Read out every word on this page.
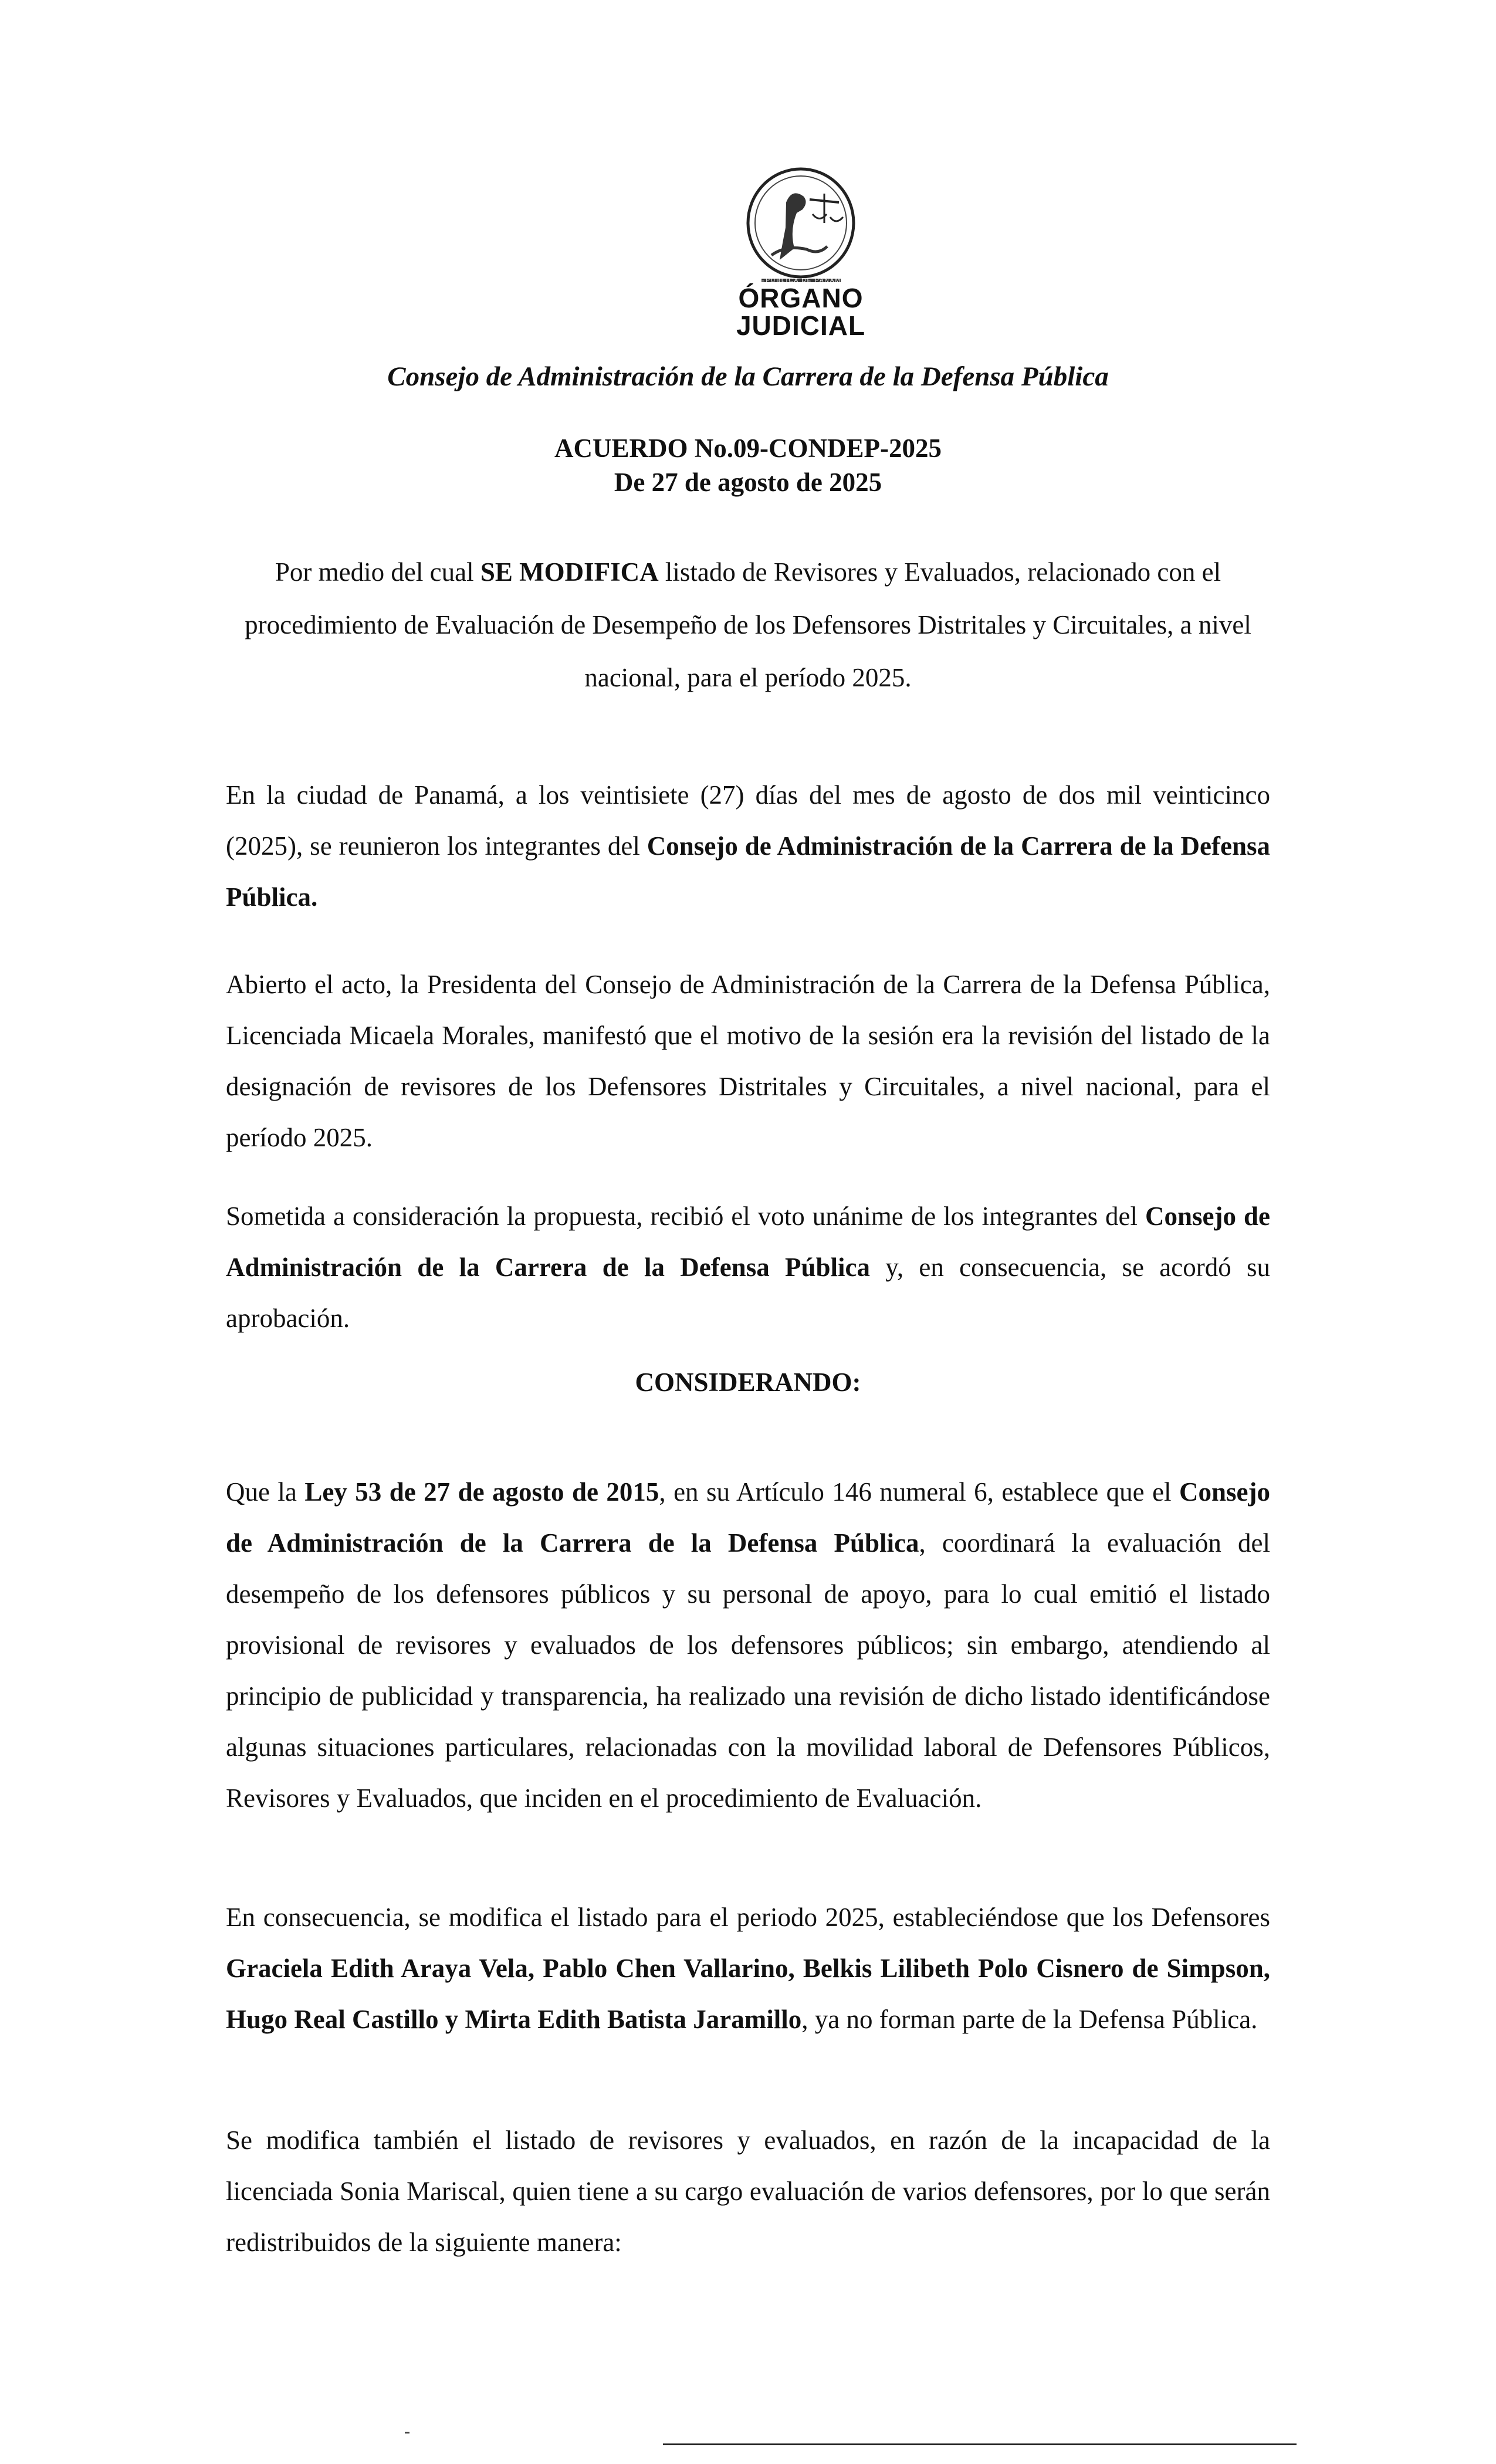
REPÚBLICA DE PANAMÁ
ÓRGANO
JUDICIAL
Consejo de Administración de la Carrera de la Defensa Pública
ACUERDO No.09-CONDEP-2025
De 27 de agosto de 2025
Por medio del cual SE MODIFICA listado de Revisores y Evaluados, relacionado con el procedimiento de Evaluación de Desempeño de los Defensores Distritales y Circuitales, a nivel nacional, para el período 2025.

En la ciudad de Panamá, a los veintisiete (27) días del mes de agosto de dos mil veinticinco (2025), se reunieron los integrantes del Consejo de Administración de la Carrera de la Defensa Pública.

Abierto el acto, la Presidenta del Consejo de Administración de la Carrera de la Defensa Pública, Licenciada Micaela Morales, manifestó que el motivo de la sesión era la revisión del listado de la designación de revisores de los Defensores Distritales y Circuitales, a nivel nacional, para el período 2025.

Sometida a consideración la propuesta, recibió el voto unánime de los integrantes del Consejo de Administración de la Carrera de la Defensa Pública y, en consecuencia, se acordó su aprobación.

CONSIDERANDO:

Que la Ley 53 de 27 de agosto de 2015, en su Artículo 146 numeral 6, establece que el Consejo de Administración de la Carrera de la Defensa Pública, coordinará la evaluación del desempeño de los defensores públicos y su personal de apoyo, para lo cual emitió el listado provisional de revisores y evaluados de los defensores públicos; sin embargo, atendiendo al principio de publicidad y transparencia, ha realizado una revisión de dicho listado identificándose algunas situaciones particulares, relacionadas con la movilidad laboral de Defensores Públicos, Revisores y Evaluados, que inciden en el procedimiento de Evaluación.

En consecuencia, se modifica el listado para el periodo 2025, estableciéndose que los Defensores Graciela Edith Araya Vela, Pablo Chen Vallarino, Belkis Lilibeth Polo Cisnero de Simpson, Hugo Real Castillo y Mirta Edith Batista Jaramillo, ya no forman parte de la Defensa Pública.

Se modifica también el listado de revisores y evaluados, en razón de la incapacidad de la licenciada Sonia Mariscal, quien tiene a su cargo evaluación de varios defensores, por lo que serán redistribuidos de la siguiente manera:
